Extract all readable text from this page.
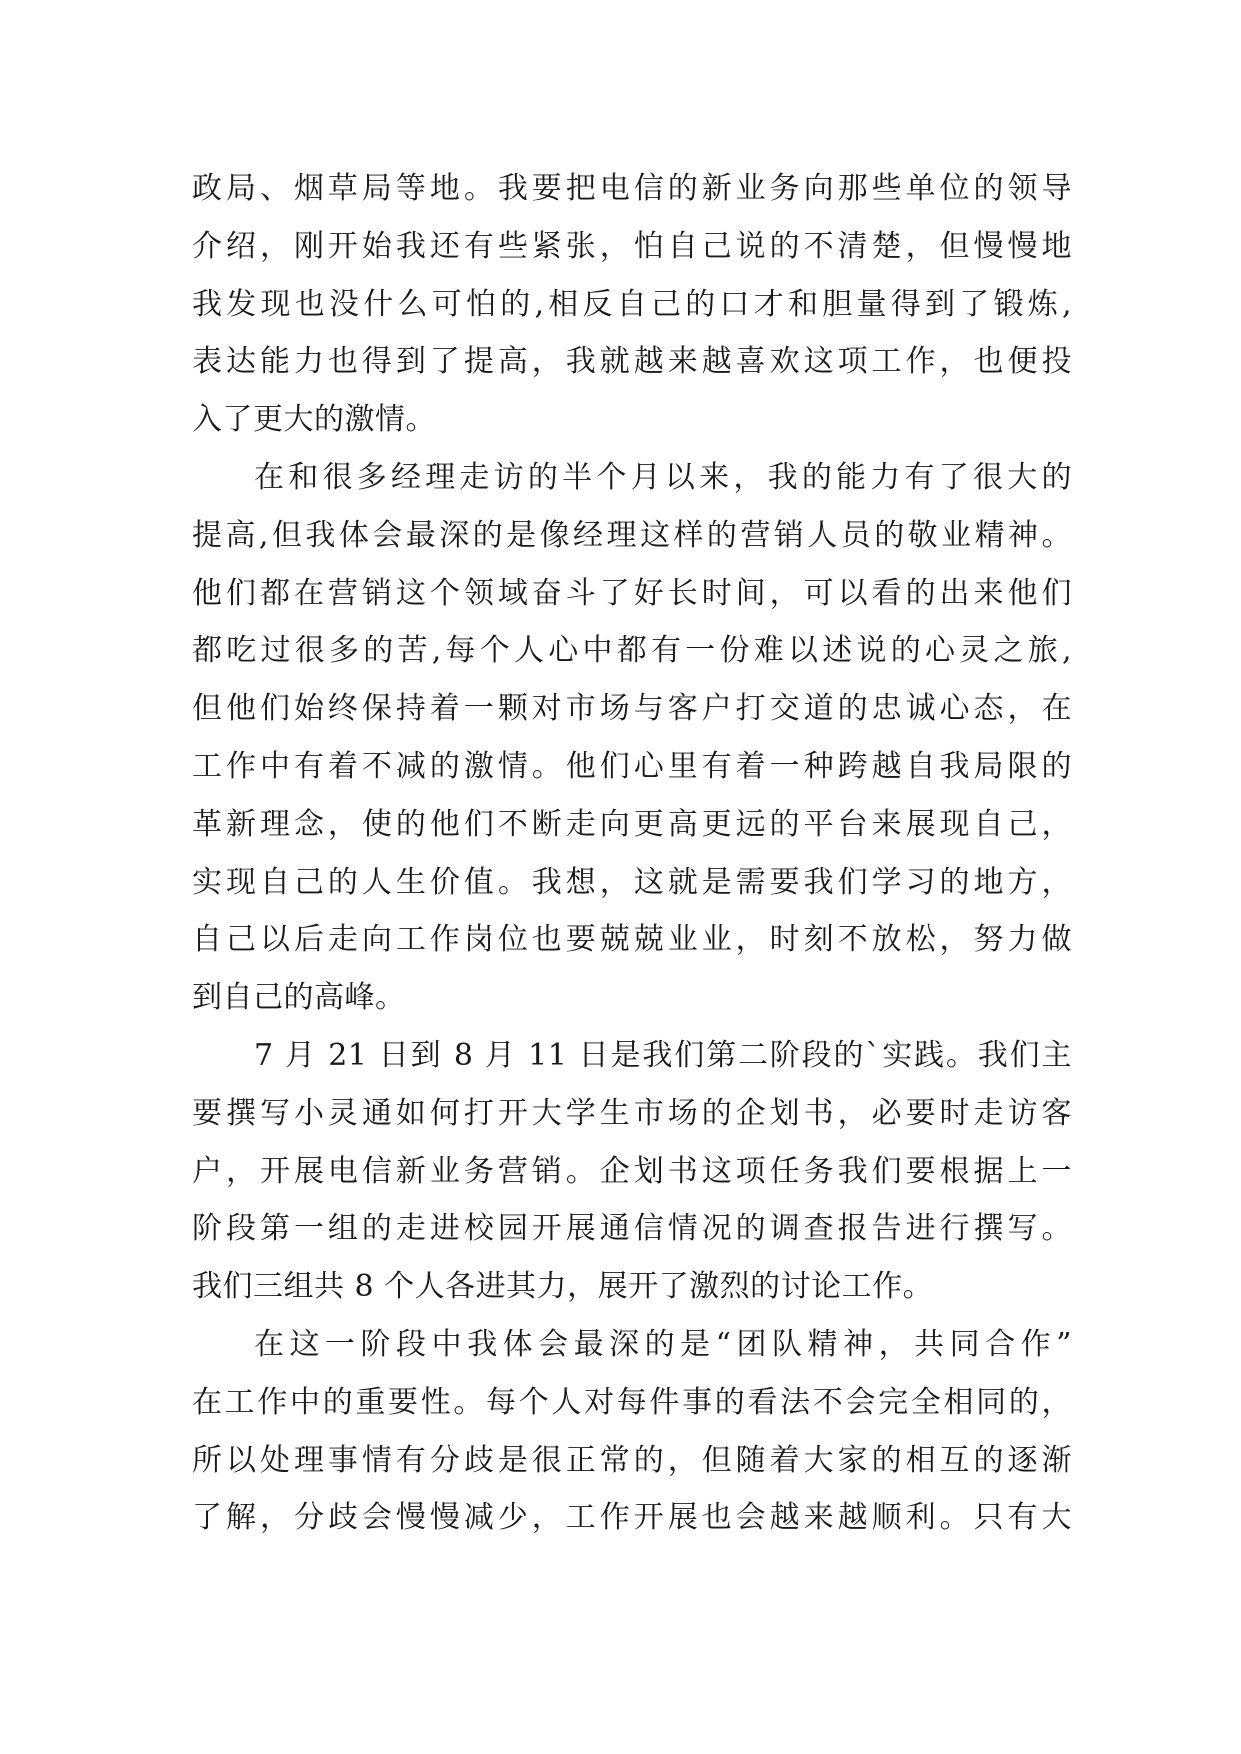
政局、烟草局等地。我要把电信的新业务向那些单位的领导
介绍，刚开始我还有些紧张，怕自己说的不清楚，但慢慢地
我发现也没什么可怕的,相反自己的口才和胆量得到了锻炼,
表达能力也得到了提高，我就越来越喜欢这项工作，也便投
入了更大的激情。
在和很多经理走访的半个月以来，我的能力有了很大的
提高,但我体会最深的是像经理这样的营销人员的敬业精神。
他们都在营销这个领域奋斗了好长时间，可以看的出来他们
都吃过很多的苦,每个人心中都有一份难以述说的心灵之旅,
但他们始终保持着一颗对市场与客户打交道的忠诚心态，在
工作中有着不减的激情。他们心里有着一种跨越自我局限的
革新理念，使的他们不断走向更高更远的平台来展现自己，
实现自己的人生价值。我想，这就是需要我们学习的地方，
自己以后走向工作岗位也要兢兢业业，时刻不放松，努力做
到自己的高峰。
7 月 21 日到 8 月 11 日是我们第二阶段的`实践。我们主
要撰写小灵通如何打开大学生市场的企划书，必要时走访客
户，开展电信新业务营销。企划书这项任务我们要根据上一
阶段第一组的走进校园开展通信情况的调查报告进行撰写。
我们三组共 8 个人各进其力，展开了激烈的讨论工作。
在这一阶段中我体会最深的是“团队精神，共同合作”
在工作中的重要性。每个人对每件事的看法不会完全相同的，
所以处理事情有分歧是很正常的，但随着大家的相互的逐渐
了解，分歧会慢慢减少，工作开展也会越来越顺利。只有大
